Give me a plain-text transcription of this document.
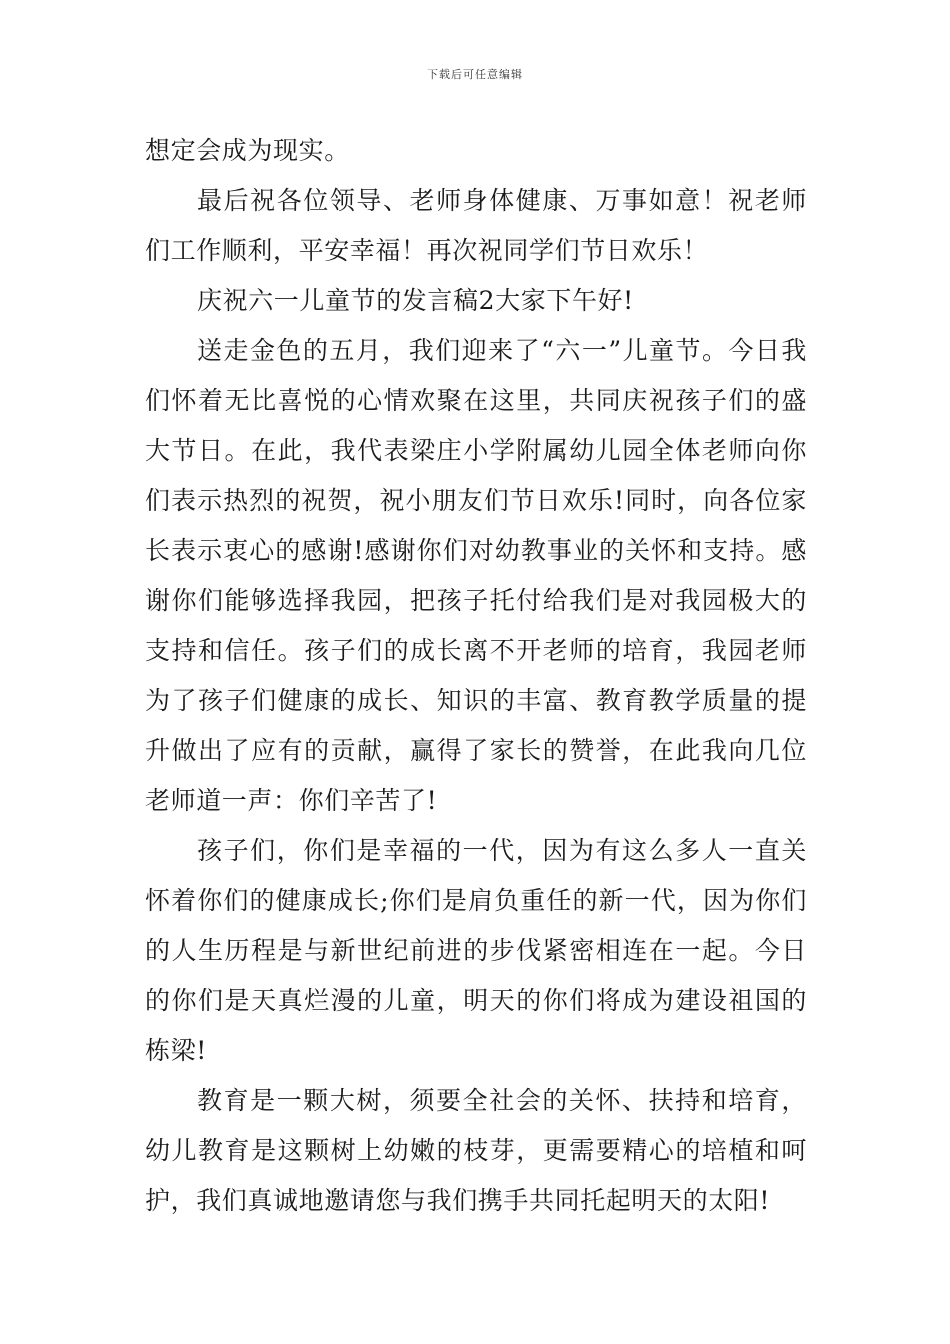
下载后可任意编辑

想定会成为现实。

最后祝各位领导、老师身体健康、万事如意！祝老师们工作顺利，平安幸福！再次祝同学们节日欢乐！

庆祝六一儿童节的发言稿2大家下午好!

送走金色的五月，我们迎来了“六一”儿童节。今日我们怀着无比喜悦的心情欢聚在这里，共同庆祝孩子们的盛大节日。在此，我代表梁庄小学附属幼儿园全体老师向你们表示热烈的祝贺，祝小朋友们节日欢乐!同时，向各位家长表示衷心的感谢!感谢你们对幼教事业的关怀和支持。感谢你们能够选择我园，把孩子托付给我们是对我园极大的支持和信任。孩子们的成长离不开老师的培育，我园老师为了孩子们健康的成长、知识的丰富、教育教学质量的提升做出了应有的贡献，赢得了家长的赞誉，在此我向几位老师道一声：你们辛苦了!

孩子们，你们是幸福的一代，因为有这么多人一直关怀着你们的健康成长;你们是肩负重任的新一代，因为你们的人生历程是与新世纪前进的步伐紧密相连在一起。今日的你们是天真烂漫的儿童，明天的你们将成为建设祖国的栋梁!

教育是一颗大树，须要全社会的关怀、扶持和培育，幼儿教育是这颗树上幼嫩的枝芽，更需要精心的培植和呵护，我们真诚地邀请您与我们携手共同托起明天的太阳!
